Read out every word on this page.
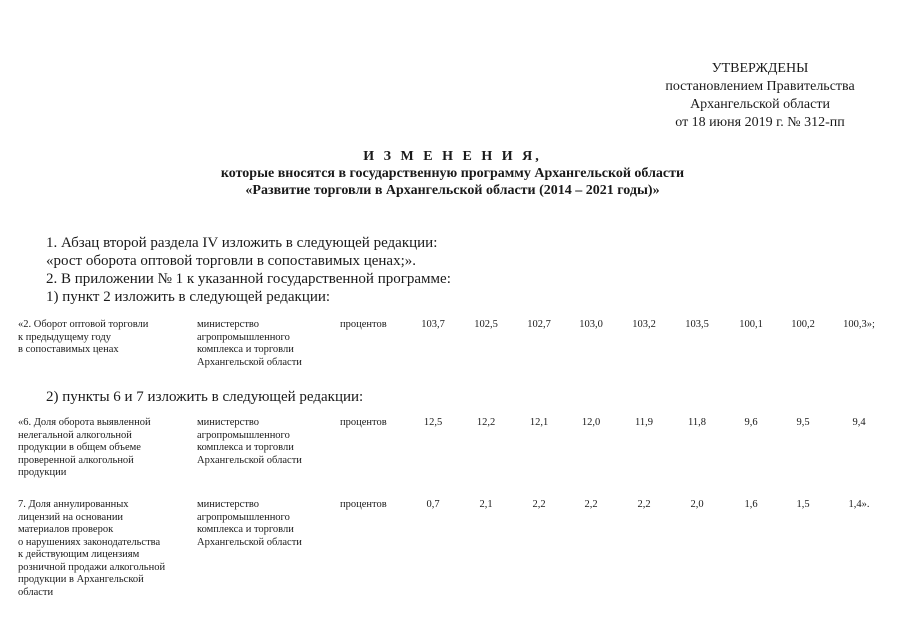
УТВЕРЖДЕНЫ
постановлением Правительства
Архангельской области
от 18 июня 2019 г. № 312-пп
И З М Е Н Е Н И Я,
которые вносятся в государственную программу Архангельской области
«Развитие торговли в Архангельской области (2014 – 2021 годы)»
1. Абзац второй раздела IV изложить в следующей редакции:
«рост оборота оптовой торговли в сопоставимых ценах;».
2. В приложении № 1 к указанной государственной программе:
1) пункт 2 изложить в следующей редакции:
2) пункты 6 и 7 изложить в следующей редакции:
«2. Оборот оптовой торговли
к предыдущему году
в сопоставимых ценах
министерство
агропромышленного
комплекса и торговли
Архангельской области
процентов	103,7	102,5	102,7	103,0	103,2	103,5	100,1	100,2	100,3»;
«6. Доля оборота выявленной
нелегальной алкогольной
продукции в общем объеме
проверенной алкогольной
продукции
министерство
агропромышленного
комплекса и торговли
Архангельской области
процентов	12,5	12,2	12,1	12,0	11,9	11,8	9,6	9,5	9,4
7. Доля аннулированных
лицензий на основании
материалов проверок
о нарушениях законодательства
к действующим лицензиям
розничной продажи алкогольной
продукции в Архангельской
области
министерство
агропромышленного
комплекса и торговли
Архангельской области
процентов	0,7	2,1	2,2	2,2	2,2	2,0	1,6	1,5	1,4».
